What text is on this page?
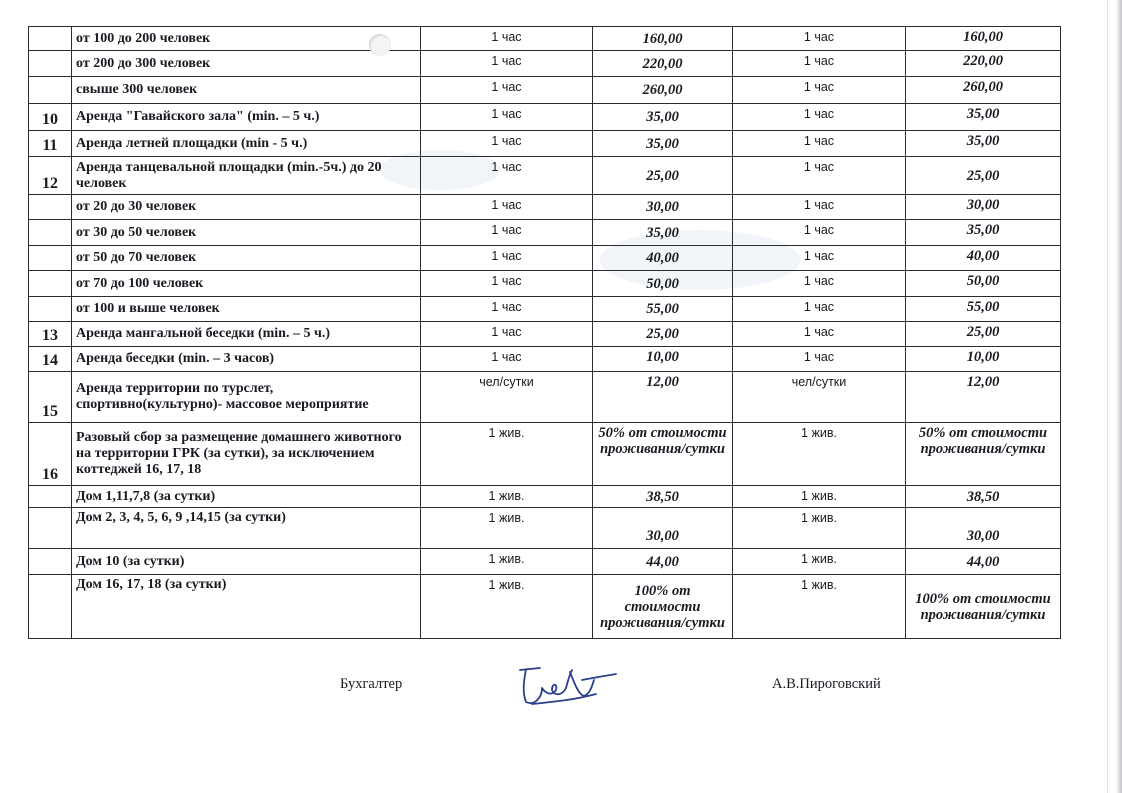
	от 100 до 200 человек	1 час	160,00	1 час	160,00
	от 200 до 300 человек	1 час	220,00	1 час	220,00
	свыше 300 человек	1 час	260,00	1 час	260,00
10	Аренда "Гавайского зала" (min. – 5 ч.)	1 час	35,00	1 час	35,00
11	Аренда летней площадки (min - 5 ч.)	1 час	35,00	1 час	35,00
12	Аренда танцевальной площадки (min.-5ч.) до 20 человек	1 час	25,00	1 час	25,00
	от 20 до 30 человек	1 час	30,00	1 час	30,00
	от 30 до 50 человек	1 час	35,00	1 час	35,00
	от 50 до 70 человек	1 час	40,00	1 час	40,00
	от 70 до 100 человек	1 час	50,00	1 час	50,00
	от 100 и выше человек	1 час	55,00	1 час	55,00
13	Аренда мангальной беседки (min. – 5 ч.)	1 час	25,00	1 час	25,00
14	Аренда беседки (min. – 3 часов)	1 час	10,00	1 час	10,00
15	Аренда территории по турслет, спортивно(культурно)- массовое мероприятие	чел/сутки	12,00	чел/сутки	12,00
16	Разовый сбор за размещение домашнего животного на территории ГРК (за сутки), за исключением коттеджей 16, 17, 18	1 жив.	50% от стоимости проживания/сутки	1 жив.	50% от стоимости проживания/сутки
	Дом 1,11,7,8 (за сутки)	1 жив.	38,50	1 жив.	38,50
	Дом 2, 3, 4, 5, 6, 9 ,14,15 (за сутки)	1 жив.	30,00	1 жив.	30,00
	Дом 10 (за сутки)	1 жив.	44,00	1 жив.	44,00
	Дом 16, 17, 18 (за сутки)	1 жив.	100% от стоимости проживания/сутки	1 жив.	100% от стоимости проживания/сутки
Бухгалтер	А.В.Пироговский
